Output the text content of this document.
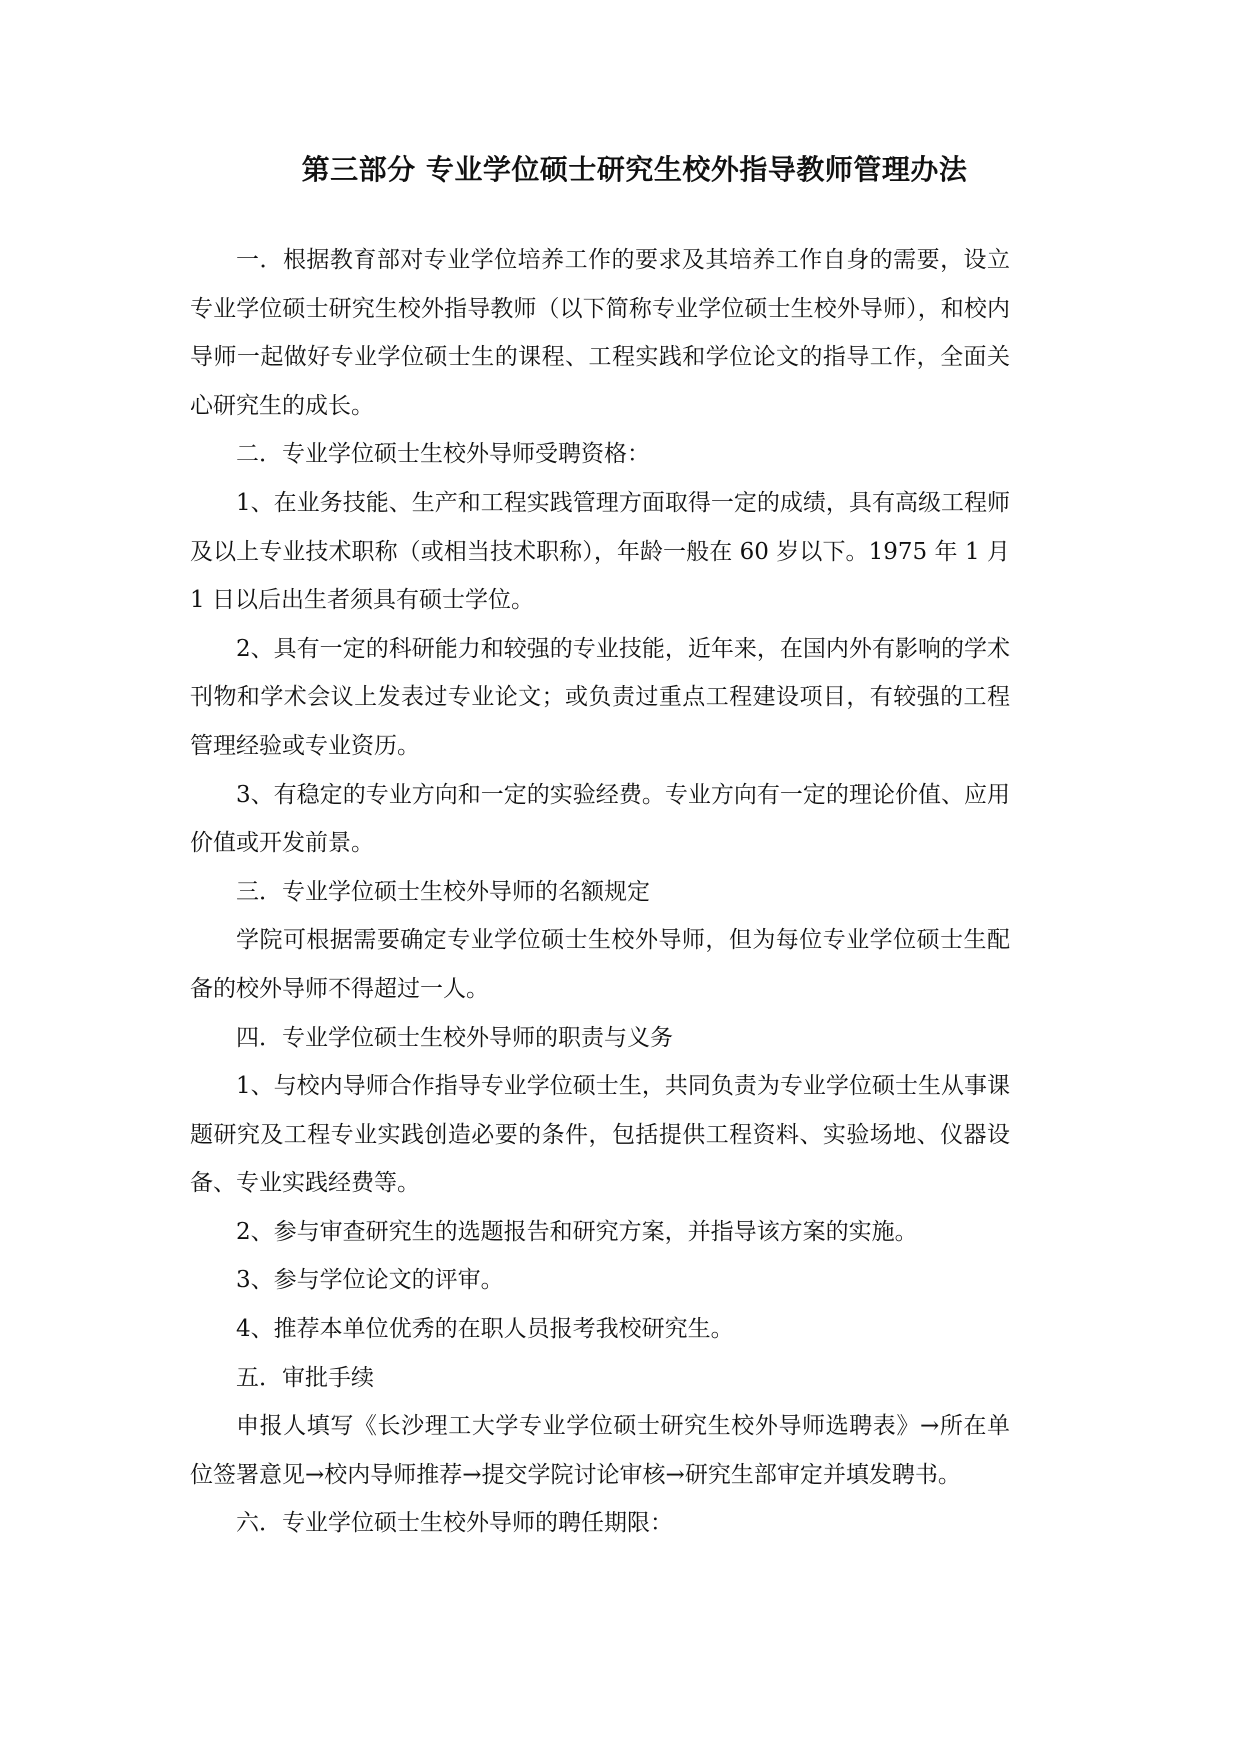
第三部分 专业学位硕士研究生校外指导教师管理办法

一．根据教育部对专业学位培养工作的要求及其培养工作自身的需要，设立专业学位硕士研究生校外指导教师（以下简称专业学位硕士生校外导师），和校内导师一起做好专业学位硕士生的课程、工程实践和学位论文的指导工作，全面关心研究生的成长。

二．专业学位硕士生校外导师受聘资格：

1、在业务技能、生产和工程实践管理方面取得一定的成绩，具有高级工程师及以上专业技术职称（或相当技术职称），年龄一般在 60 岁以下。1975 年 1 月 1 日以后出生者须具有硕士学位。

2、具有一定的科研能力和较强的专业技能，近年来，在国内外有影响的学术刊物和学术会议上发表过专业论文；或负责过重点工程建设项目，有较强的工程管理经验或专业资历。

3、有稳定的专业方向和一定的实验经费。专业方向有一定的理论价值、应用价值或开发前景。

三．专业学位硕士生校外导师的名额规定

学院可根据需要确定专业学位硕士生校外导师，但为每位专业学位硕士生配备的校外导师不得超过一人。

四．专业学位硕士生校外导师的职责与义务

1、与校内导师合作指导专业学位硕士生，共同负责为专业学位硕士生从事课题研究及工程专业实践创造必要的条件，包括提供工程资料、实验场地、仪器设备、专业实践经费等。

2、参与审查研究生的选题报告和研究方案，并指导该方案的实施。

3、参与学位论文的评审。

4、推荐本单位优秀的在职人员报考我校研究生。

五．审批手续

申报人填写《长沙理工大学专业学位硕士研究生校外导师选聘表》→所在单位签署意见→校内导师推荐→提交学院讨论审核→研究生部审定并填发聘书。

六．专业学位硕士生校外导师的聘任期限：
